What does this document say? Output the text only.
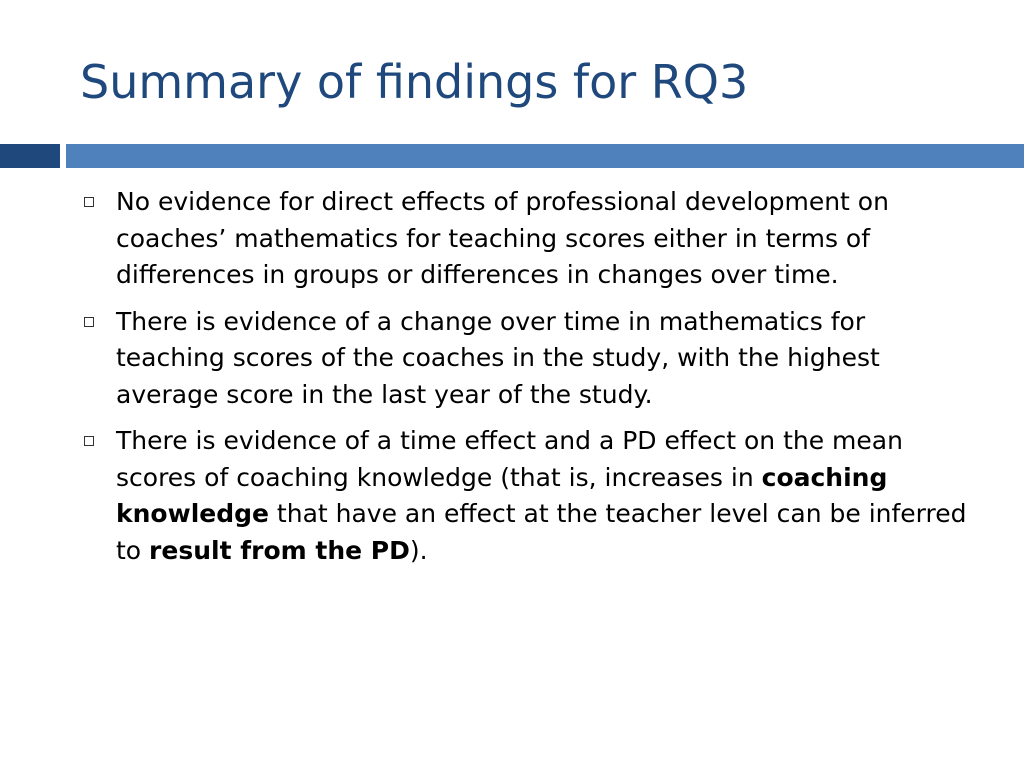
Summary of findings for RQ3
No evidence for direct effects of professional development on coaches’ mathematics for teaching scores either in terms of differences in groups or differences in changes over time.
There is evidence of a change over time in mathematics for teaching scores of the coaches in the study, with the highest average score in the last year of the study.
There is evidence of a time effect and a PD effect on the mean scores of coaching knowledge (that is, increases in coaching knowledge that have an effect at the teacher level can be inferred to result from the PD).
